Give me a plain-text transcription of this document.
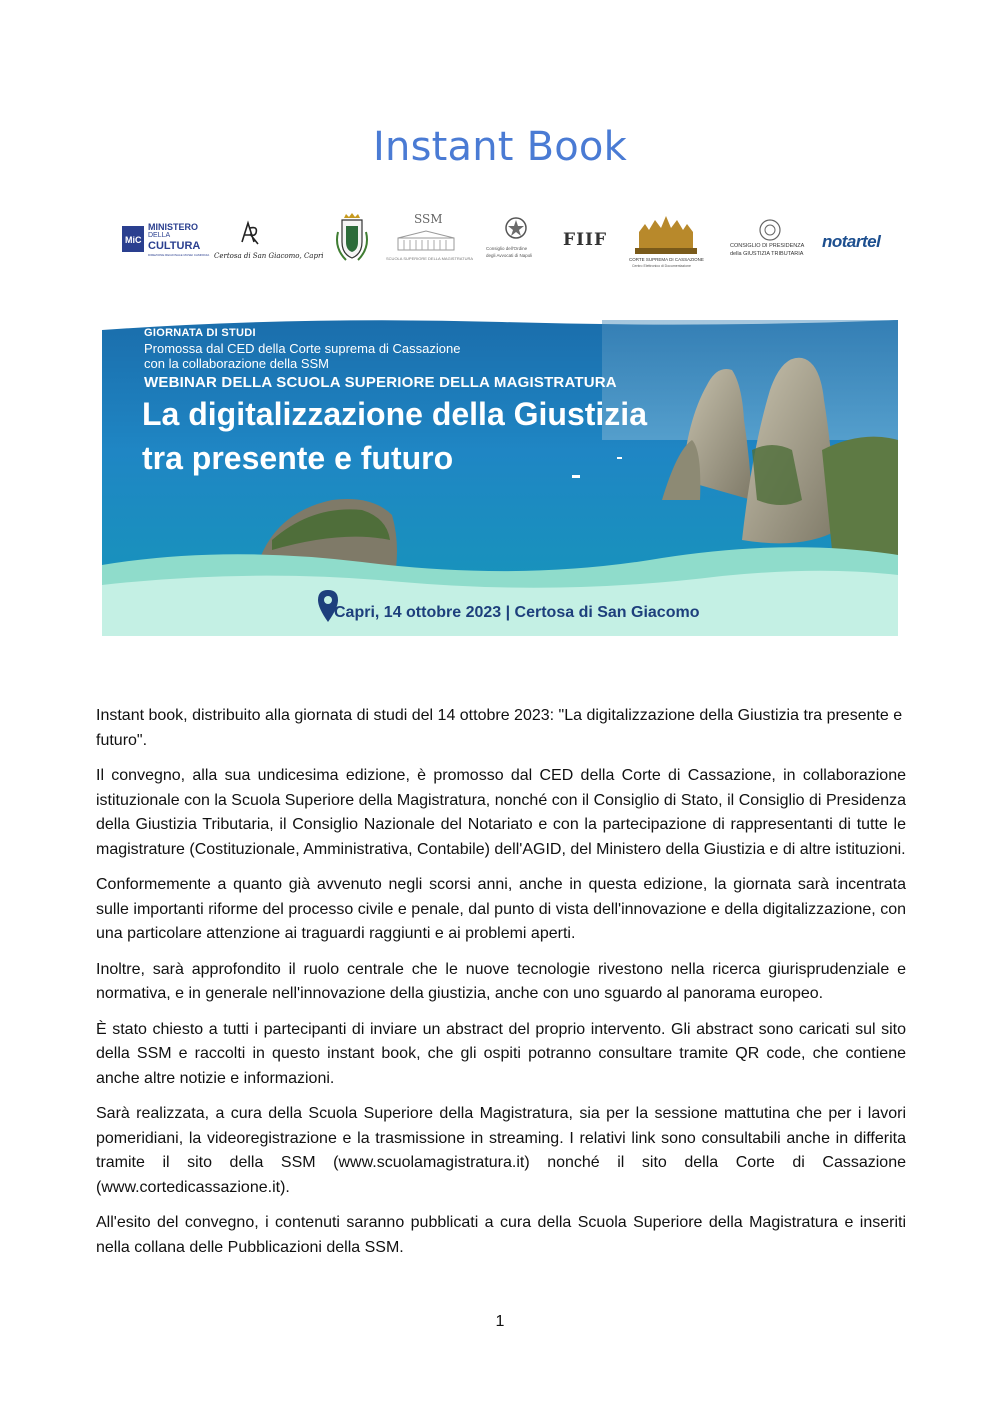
Instant Book
MiC
MINISTERO
DELLA
CULTURA
DIREZIONE REGIONALE MUSEI CAMPANIA Certosa di San Giacomo, Capri
SSM
SCUOLA SUPERIORE DELLA MAGISTRATURA
Consiglio dell'Ordine
degli Avvocati di Napoli
FIIF
CORTE SUPREMA DI CASSAZIONE
Centro Elettronico di Documentazione
CONSIGLIO DI PRESIDENZA
della GIUSTIZIA TRIBUTARIA
notartel
GIORNATA DI STUDI
Promossa dal CED della Corte suprema di Cassazione
con la collaborazione della SSM
WEBINAR DELLA SCUOLA SUPERIORE DELLA MAGISTRATURA
La digitalizzazione della Giustizia
tra presente e futuro
Capri, 14 ottobre 2023 | Certosa di San Giacomo

Instant book, distribuito alla giornata di studi del 14 ottobre 2023: "La digitalizzazione della Giustizia tra presente e futuro".

Il convegno, alla sua undicesima edizione, è promosso dal CED della Corte di Cassazione, in collaborazione istituzionale con la Scuola Superiore della Magistratura, nonché con il Consiglio di Stato, il Consiglio di Presidenza della Giustizia Tributaria, il Consiglio Nazionale del Notariato e con la partecipazione di rappresentanti di tutte le magistrature (Costituzionale, Amministrativa, Contabile) dell'AGID, del Ministero della Giustizia e di altre istituzioni.

Conformemente a quanto già avvenuto negli scorsi anni, anche in questa edizione, la giornata sarà incentrata sulle importanti riforme del processo civile e penale, dal punto di vista dell'innovazione e della digitalizzazione, con una particolare attenzione ai traguardi raggiunti e ai problemi aperti.

Inoltre, sarà approfondito il ruolo centrale che le nuove tecnologie rivestono nella ricerca giurisprudenziale e normativa, e in generale nell'innovazione della giustizia, anche con uno sguardo al panorama europeo.

È stato chiesto a tutti i partecipanti di inviare un abstract del proprio intervento. Gli abstract sono caricati sul sito della SSM e raccolti in questo instant book, che gli ospiti potranno consultare tramite QR code, che contiene anche altre notizie e informazioni.

Sarà realizzata, a cura della Scuola Superiore della Magistratura, sia per la sessione mattutina che per i lavori pomeridiani, la videoregistrazione e la trasmissione in streaming. I relativi link sono consultabili anche in differita tramite il sito della SSM (www.scuolamagistratura.it) nonché il sito della Corte di Cassazione (www.cortedicassazione.it).

All'esito del convegno, i contenuti saranno pubblicati a cura della Scuola Superiore della Magistratura e inseriti nella collana delle Pubblicazioni della SSM.

1
